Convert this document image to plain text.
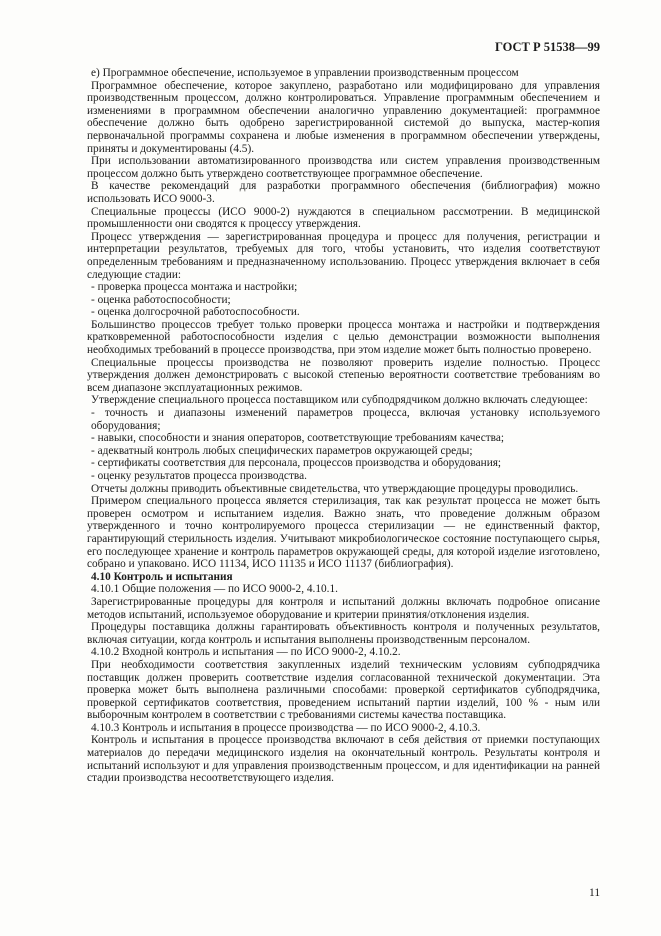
ГОСТ Р 51538—99

е) Программное обеспечение, используемое в управлении производственным процессом

Программное обеспечение, которое закуплено, разработано или модифицировано для управления производственным процессом, должно контролироваться. Управление программным обеспечением и изменениями в программном обеспечении аналогично управлению документацией: программное обеспечение должно быть одобрено зарегистрированной системой до выпуска, мастер-копия первоначальной программы сохранена и любые изменения в программном обеспечении утверждены, приняты и документированы (4.5).

При использовании автоматизированного производства или систем управления производственным процессом должно быть утверждено соответствующее программное обеспечение.

В качестве рекомендаций для разработки программного обеспечения (библиография) можно использовать ИСО 9000-3.

Специальные процессы (ИСО 9000-2) нуждаются в специальном рассмотрении. В медицинской промышленности они сводятся к процессу утверждения.

Процесс утверждения — зарегистрированная процедура и процесс для получения, регистрации и интерпретации результатов, требуемых для того, чтобы установить, что изделия соответствуют определенным требованиям и предназначенному использованию. Процесс утверждения включает в себя следующие стадии:

- проверка процесса монтажа и настройки;

- оценка работоспособности;

- оценка долгосрочной работоспособности.

Большинство процессов требует только проверки процесса монтажа и настройки и подтверждения кратковременной работоспособности изделия с целью демонстрации возможности выполнения необходимых требований в процессе производства, при этом изделие может быть полностью проверено.

Специальные процессы производства не позволяют проверить изделие полностью. Процесс утверждения должен демонстрировать с высокой степенью вероятности соответствие требованиям во всем диапазоне эксплуатационных режимов.

Утверждение специального процесса поставщиком или субподрядчиком должно включать следующее:

- точность и диапазоны изменений параметров процесса, включая установку используемого оборудования;

- навыки, способности и знания операторов, соответствующие требованиям качества;

- адекватный контроль любых специфических параметров окружающей среды;

- сертификаты соответствия для персонала, процессов производства и оборудования;

- оценку результатов процесса производства.

Отчеты должны приводить объективные свидетельства, что утверждающие процедуры проводились.

Примером специального процесса является стерилизация, так как результат процесса не может быть проверен осмотром и испытанием изделия. Важно знать, что проведение должным образом утвержденного и точно контролируемого процесса стерилизации — не единственный фактор, гарантирующий стерильность изделия. Учитывают микробиологическое состояние поступающего сырья, его последующее хранение и контроль параметров окружающей среды, для которой изделие изготовлено, собрано и упаковано. ИСО 11134, ИСО 11135 и ИСО 11137 (библиография).

4.10 Контроль и испытания

4.10.1 Общие положения — по ИСО 9000-2, 4.10.1.

Зарегистрированные процедуры для контроля и испытаний должны включать подробное описание методов испытаний, используемое оборудование и критерии принятия/отклонения изделия.

Процедуры поставщика должны гарантировать объективность контроля и полученных результатов, включая ситуации, когда контроль и испытания выполнены производственным персоналом.

4.10.2 Входной контроль и испытания — по ИСО 9000-2, 4.10.2.

При необходимости соответствия закупленных изделий техническим условиям субподрядчика поставщик должен проверить соответствие изделия согласованной технической документации. Эта проверка может быть выполнена различными способами: проверкой сертификатов субподрядчика, проверкой сертификатов соответствия, проведением испытаний партии изделий, 100 % - ным или выборочным контролем в соответствии с требованиями системы качества поставщика.

4.10.3 Контроль и испытания в процессе производства — по ИСО 9000-2, 4.10.3.

Контроль и испытания в процессе производства включают в себя действия от приемки поступающих материалов до передачи медицинского изделия на окончательный контроль. Результаты контроля и испытаний используют и для управления производственным процессом, и для идентификации на ранней стадии производства несоответствующего изделия.

11
